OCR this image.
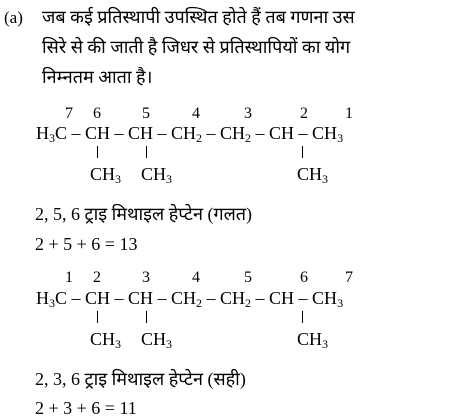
(a) जब कई प्रतिस्थापी उपस्थित होते हैं तब गणना उस
सिरे से की जाती है जिधर से प्रतिस्थापियों का योग
निम्नतम आता है।
7 6	5	4	3	2 1
$H_3C$ – CH – CH – $CH_2 - CH_2$ – CH – $CH_3$
$CH_3$ $CH_3$	$CH_3$
2, 5, 6 ट्राइ मिथाइल हेप्टेन (गलत)
2 + 5 + 6 = 13
1 2	3	4	5	6 7
$H_3C$ – CH – CH – $CH_2 - CH_2$ – CH – $CH_3$
$CH_3$ $CH_3$	$CH_3$
2, 3, 6 ट्राइ मिथाइल हेप्टेन (सही)
2 + 3 + 6 = 11
